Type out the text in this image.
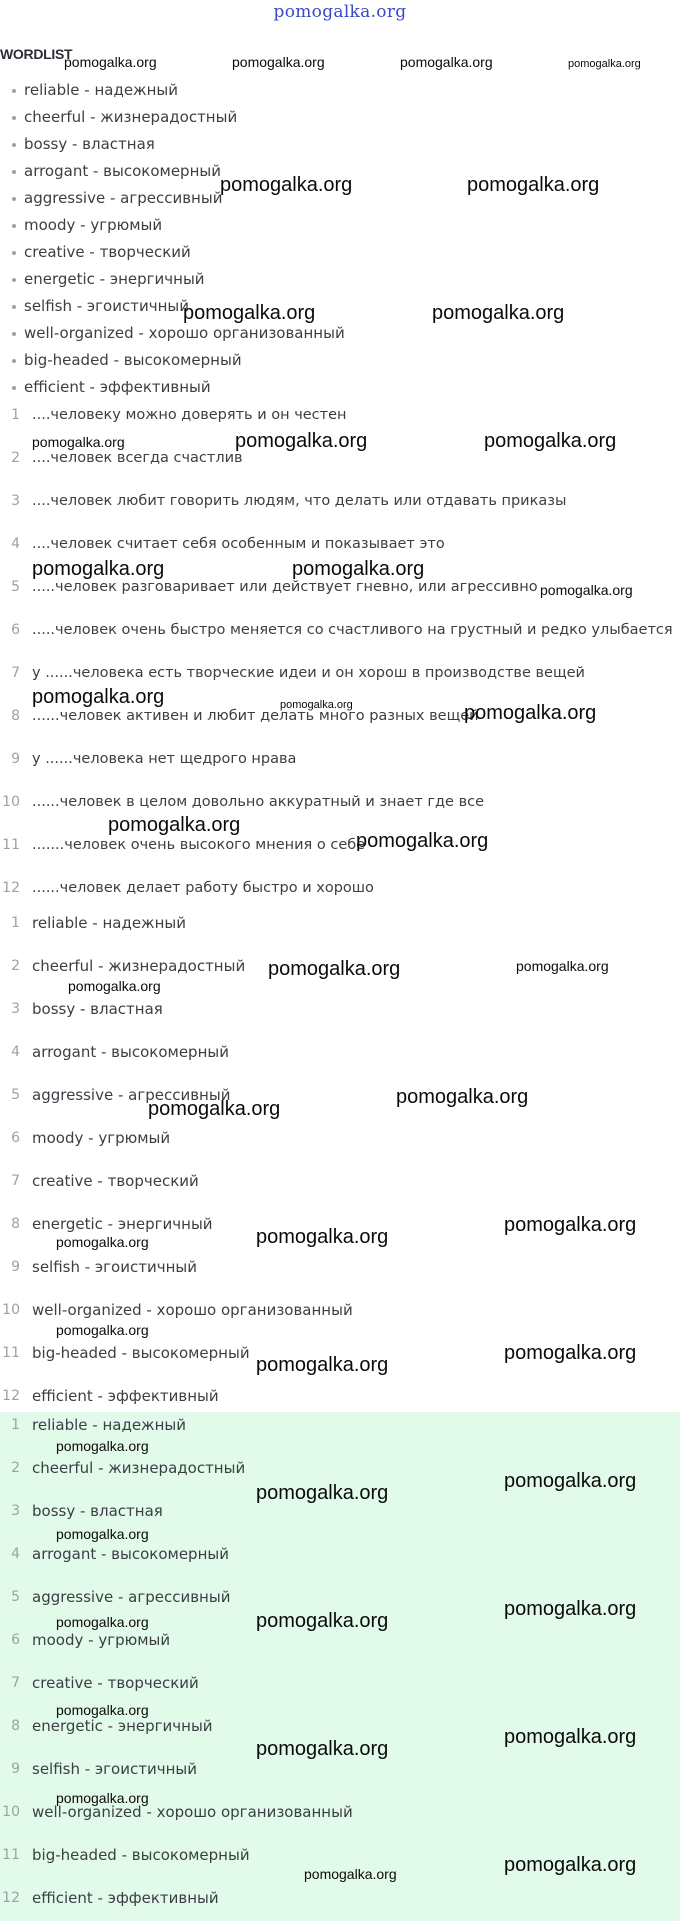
pomogalka.org
WORDLIST
reliable - надежный
cheerful - жизнерадостный
bossy - властная
arrogant - высокомерный
aggressive - агрессивный
moody - угрюмый
creative - творческий
energetic - энергичный
selfish - эгоистичный
well-organized - хорошо организованный
big-headed - высокомерный
efficient - эффективный
1 ....человеку можно доверять и он честен
2 ....человек всегда счастлив
3 ....человек любит говорить людям, что делать или отдавать приказы
4 ....человек считает себя особенным и показывает это
5 .....человек разговаривает или действует гневно, или агрессивно
6 .....человек очень быстро меняется со счастливого на грустный и редко улыбается
7 у ......человека есть творческие идеи и он хорош в производстве вещей
8 ......человек активен и любит делать много разных вещей
9 у ......человека нет щедрого нрава
10 ......человек в целом довольно аккуратный и знает где все
11 .......человек очень высокого мнения о себе
12 ......человек делает работу быстро и хорошо
1 reliable - надежный
2 cheerful - жизнерадостный
3 bossy - властная
4 arrogant - высокомерный
5 aggressive - агрессивный
6 moody - угрюмый
7 creative - творческий
8 energetic - энергичный
9 selfish - эгоистичный
10 well-organized - хорошо организованный
11 big-headed - высокомерный
12 efficient - эффективный
1 reliable - надежный
2 cheerful - жизнерадостный
3 bossy - властная
4 arrogant - высокомерный
5 aggressive - агрессивный
6 moody - угрюмый
7 creative - творческий
8 energetic - энергичный
9 selfish - эгоистичный
10 well-organized - хорошо организованный
11 big-headed - высокомерный
12 efficient - эффективный
pomogalka.org	pomogalka.org	pomogalka.org	pomogalka.org
pomogalka.org	pomogalka.org
pomogalka.org	pomogalka.org
pomogalka.org	pomogalka.org	pomogalka.org
pomogalka.org	pomogalka.org
pomogalka.org
pomogalka.org	pomogalka.org	pomogalka.org
pomogalka.org
pomogalka.org
pomogalka.org	pomogalka.org
pomogalka.org
pomogalka.org
pomogalka.org
pomogalka.org
pomogalka.org	pomogalka.org
pomogalka.org
pomogalka.org
pomogalka.org
pomogalka.org
pomogalka.org
pomogalka.org
pomogalka.org
pomogalka.org	pomogalka.org
pomogalka.org
pomogalka.org
pomogalka.org
pomogalka.org
pomogalka.org
pomogalka.org	pomogalka.org
